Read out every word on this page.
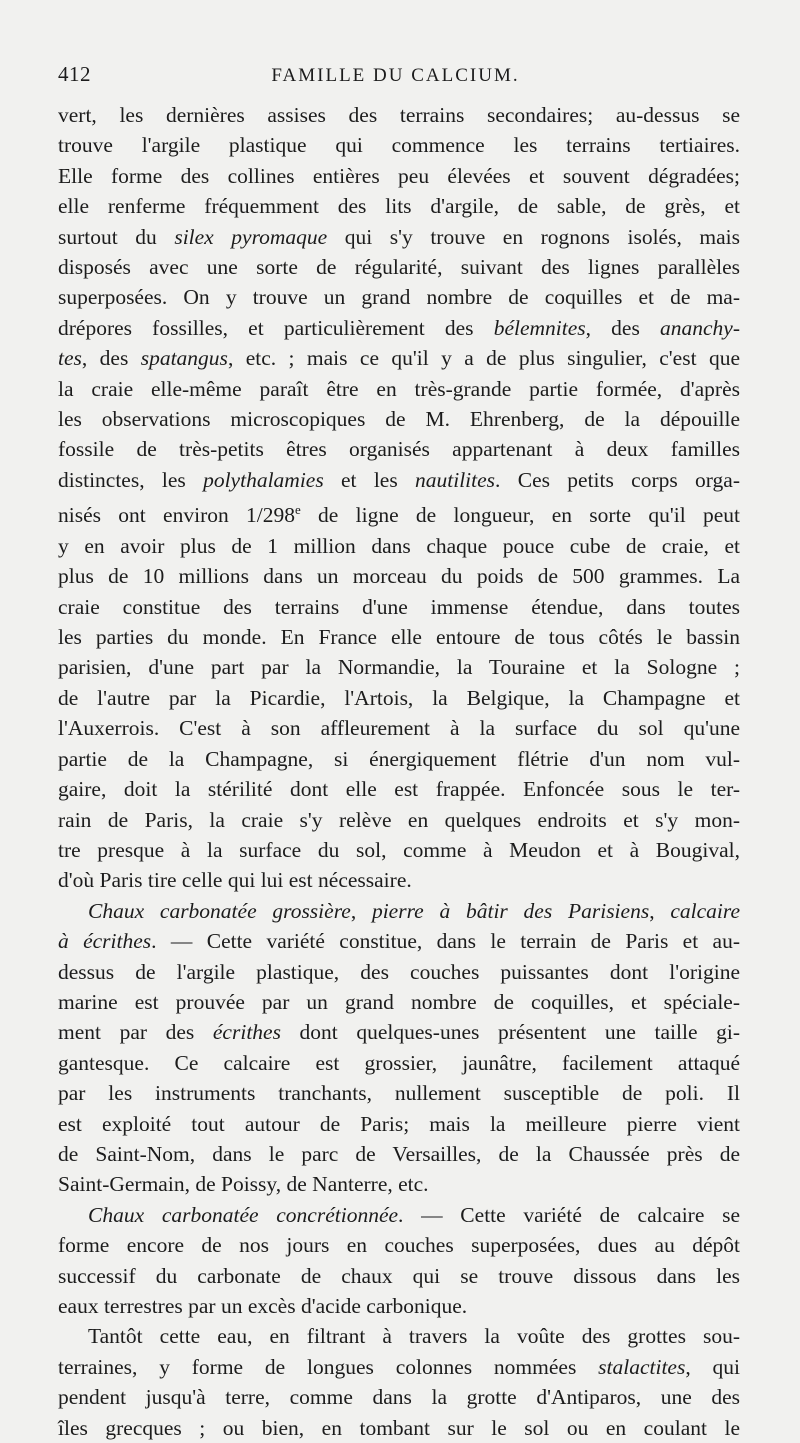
412	FAMILLE DU CALCIUM.
vert, les dernières assises des terrains secondaires; au-dessus se
trouve l'argile plastique qui commence les terrains tertiaires.
Elle forme des collines entières peu élevées et souvent dégradées;
elle renferme fréquemment des lits d'argile, de sable, de grès, et
surtout du silex pyromaque qui s'y trouve en rognons isolés, mais
disposés avec une sorte de régularité, suivant des lignes parallèles
superposées. On y trouve un grand nombre de coquilles et de ma-
drépores fossilles, et particulièrement des bélemnites, des ananchy-
tes, des spatangus, etc. ; mais ce qu'il y a de plus singulier, c'est que
la craie elle-même paraît être en très-grande partie formée, d'après
les observations microscopiques de M. Ehrenberg, de la dépouille
fossile de très-petits êtres organisés appartenant à deux familles
distinctes, les polythalamies et les nautilites. Ces petits corps orga-
nisés ont environ 1/298e de ligne de longueur, en sorte qu'il peut
y en avoir plus de 1 million dans chaque pouce cube de craie, et
plus de 10 millions dans un morceau du poids de 500 grammes. La
craie constitue des terrains d'une immense étendue, dans toutes
les parties du monde. En France elle entoure de tous côtés le bassin
parisien, d'une part par la Normandie, la Touraine et la Sologne ;
de l'autre par la Picardie, l'Artois, la Belgique, la Champagne et
l'Auxerrois. C'est à son affleurement à la surface du sol qu'une
partie de la Champagne, si énergiquement flétrie d'un nom vul-
gaire, doit la stérilité dont elle est frappée. Enfoncée sous le ter-
rain de Paris, la craie s'y relève en quelques endroits et s'y mon-
tre presque à la surface du sol, comme à Meudon et à Bougival,
d'où Paris tire celle qui lui est nécessaire.
Chaux carbonatée grossière, pierre à bâtir des Parisiens, calcaire
à écrithes. — Cette variété constitue, dans le terrain de Paris et au-
dessus de l'argile plastique, des couches puissantes dont l'origine
marine est prouvée par un grand nombre de coquilles, et spéciale-
ment par des écrithes dont quelques-unes présentent une taille gi-
gantesque. Ce calcaire est grossier, jaunâtre, facilement attaqué
par les instruments tranchants, nullement susceptible de poli. Il
est exploité tout autour de Paris; mais la meilleure pierre vient
de Saint-Nom, dans le parc de Versailles, de la Chaussée près de
Saint-Germain, de Poissy, de Nanterre, etc.
Chaux carbonatée concrétionnée. — Cette variété de calcaire se
forme encore de nos jours en couches superposées, dues au dépôt
successif du carbonate de chaux qui se trouve dissous dans les
eaux terrestres par un excès d'acide carbonique.
Tantôt cette eau, en filtrant à travers la voûte des grottes sou-
terraines, y forme de longues colonnes nommées stalactites, qui
pendent jusqu'à terre, comme dans la grotte d'Antiparos, une des
îles grecques ; ou bien, en tombant sur le sol ou en coulant le
